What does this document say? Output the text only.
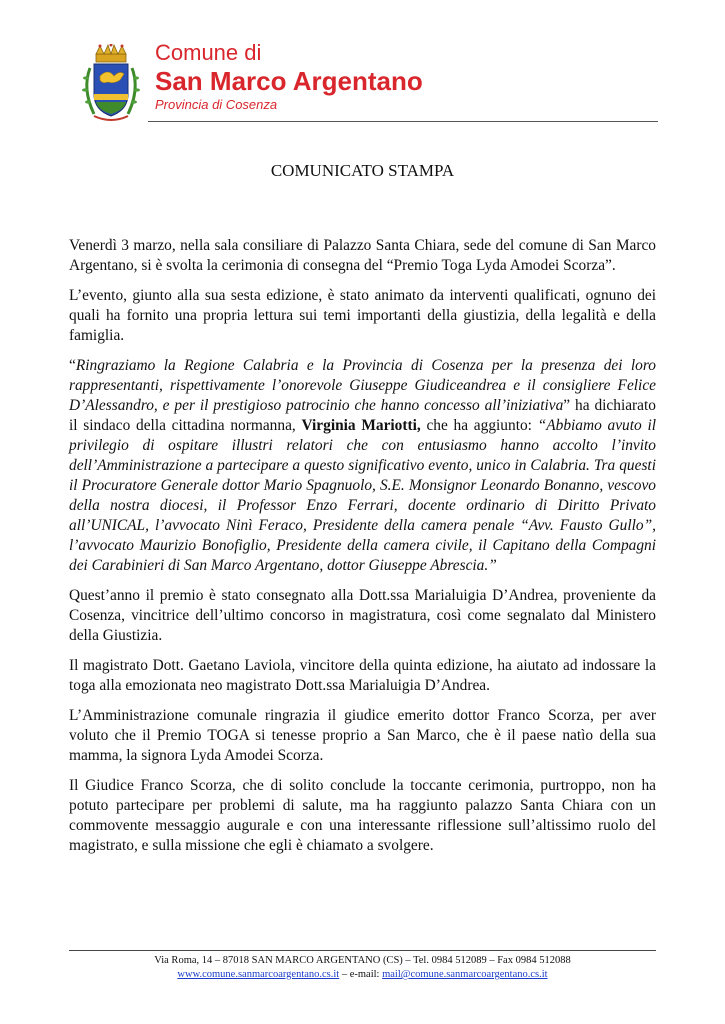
Comune di
San Marco Argentano
Provincia di Cosenza
COMUNICATO STAMPA

Venerdì 3 marzo, nella sala consiliare di Palazzo Santa Chiara, sede del comune di San Marco Argentano, si è svolta la cerimonia di consegna del “Premio Toga Lyda Amodei Scorza”.

L’evento, giunto alla sua sesta edizione, è stato animato da interventi qualificati, ognuno dei quali ha fornito una propria lettura sui temi importanti della giustizia, della legalità e della famiglia.

“Ringraziamo la Regione Calabria e la Provincia di Cosenza per la presenza dei loro rappresentanti, rispettivamente l’onorevole Giuseppe Giudiceandrea e il consigliere Felice D’Alessandro, e per il prestigioso patrocinio che hanno concesso all’iniziativa” ha dichiarato il sindaco della cittadina normanna, Virginia Mariotti, che ha aggiunto: “Abbiamo avuto il privilegio di ospitare illustri relatori che con entusiasmo hanno accolto l’invito dell’Amministrazione a partecipare a questo significativo evento, unico in Calabria. Tra questi il Procuratore Generale dottor Mario Spagnuolo, S.E. Monsignor Leonardo Bonanno, vescovo della nostra diocesi, il Professor Enzo Ferrari, docente ordinario di Diritto Privato all’UNICAL, l’avvocato Ninì Feraco, Presidente della camera penale “Avv. Fausto Gullo”, l’avvocato Maurizio Bonofiglio, Presidente della camera civile, il Capitano della Compagni dei Carabinieri di San Marco Argentano, dottor Giuseppe Abrescia.”

Quest’anno il premio è stato consegnato alla Dott.ssa Marialuigia D’Andrea, proveniente da Cosenza, vincitrice dell’ultimo concorso in magistratura, così come segnalato dal Ministero della Giustizia.

Il magistrato Dott. Gaetano Laviola, vincitore della quinta edizione, ha aiutato ad indossare la toga alla emozionata neo magistrato Dott.ssa Marialuigia D’Andrea.

L’Amministrazione comunale ringrazia il giudice emerito dottor Franco Scorza, per aver voluto che il Premio TOGA si tenesse proprio a San Marco, che è il paese natìo della sua mamma, la signora Lyda Amodei Scorza.

Il Giudice Franco Scorza, che di solito conclude la toccante cerimonia, purtroppo, non ha potuto partecipare per problemi di salute, ma ha raggiunto palazzo Santa Chiara con un commovente messaggio augurale e con una interessante riflessione sull’altissimo ruolo del magistrato, e sulla missione che egli è chiamato a svolgere.

Via Roma, 14 – 87018 SAN MARCO ARGENTANO (CS) – Tel. 0984 512089 – Fax 0984 512088
www.comune.sanmarcoargentano.cs.it – e-mail: mail@comune.sanmarcoargentano.cs.it
